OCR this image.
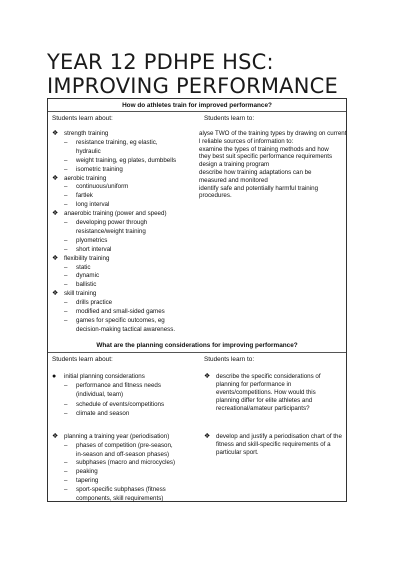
YEAR 12 PDHPE HSC: IMPROVING PERFORMANCE
How do athletes train for improved performance?
Students learn about:	Students learn to:
❖ strength training
– resistance training, eg elastic,
hydraulic
– weight training, eg plates, dumbbells
– isometric training
❖ aerobic training
– continuous/uniform
– fartlek
– long interval
❖ anaerobic training (power and speed)
– developing power through
resistance/weight training
– plyometrics
– short interval
❖ flexibility training
– static
– dynamic
– ballistic
❖ skill training
– drills practice
– modified and small-sided games
– games for specific outcomes, eg
decision-making tactical awareness.
alyse TWO of the training types by drawing on current
l reliable sources of information to:
examine the types of training methods and how
they best suit specific performance requirements
design a training program
describe how training adaptations can be
measured and monitored
identify safe and potentially harmful training
procedures.
What are the planning considerations for improving performance?
Students learn about:	Students learn to:
● initial planning considerations
– performance and fitness needs
(individual, team)
– schedule of events/competitions
– climate and season
❖ describe the specific considerations of
planning for performance in
events/competitions. How would this
planning differ for elite athletes and
recreational/amateur participants?
❖ planning a training year (periodisation)
– phases of competition (pre-season,
in-season and off-season phases)
– subphases (macro and microcycles)
– peaking
– tapering
– sport-specific subphases (fitness
components, skill requirements)
❖ develop and justify a periodisation chart of the
fitness and skill-specific requirements of a
particular sport.
